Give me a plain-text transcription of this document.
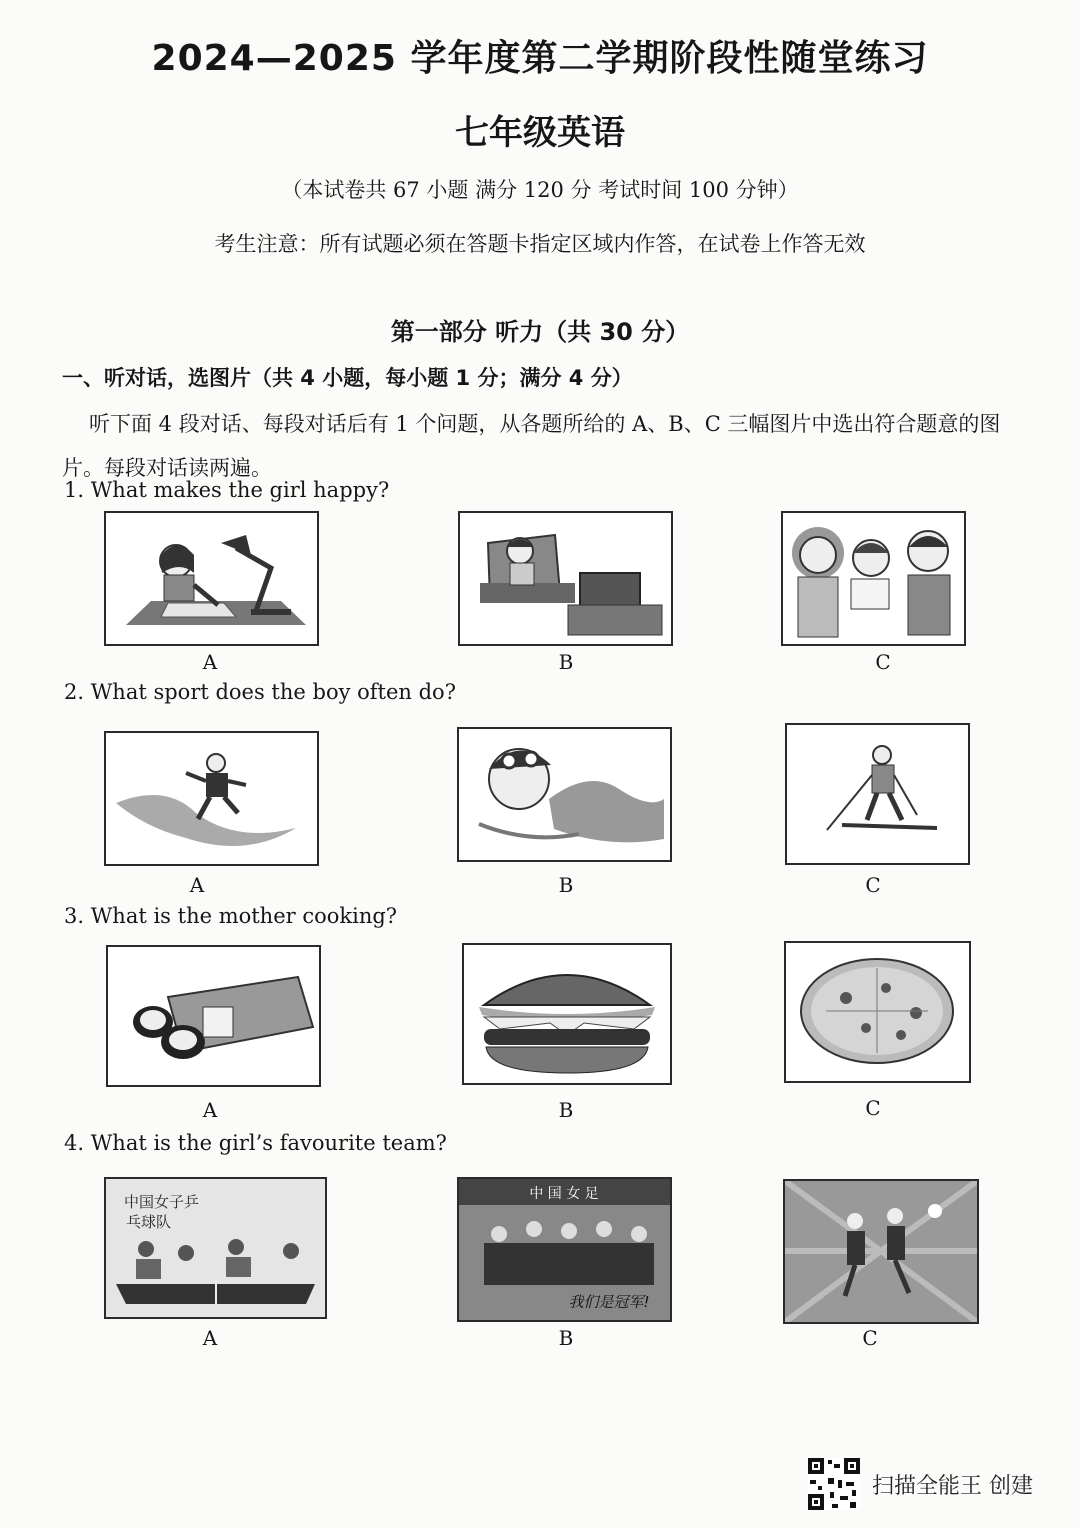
2024—2025 学年度第二学期阶段性随堂练习
七年级英语
（本试卷共 67 小题 满分 120 分 考试时间 100 分钟）
考生注意：所有试题必须在答题卡指定区域内作答，在试卷上作答无效
第一部分 听力（共 30 分）
一、听对话，选图片（共 4 小题，每小题 1 分；满分 4 分）
听下面 4 段对话、每段对话后有 1 个问题，从各题所给的 A、B、C 三幅图片中选出符合题意的图片。每段对话读两遍。
1. What makes the girl happy?
A	B	C
2. What sport does the boy often do?
A	B	C
3. What is the mother cooking?
A	B	C
4. What is the girl’s favourite team?
中国女子乒
乓球队
A
中 国 女 足
我们是冠军!
B	C
扫描全能王 创建
